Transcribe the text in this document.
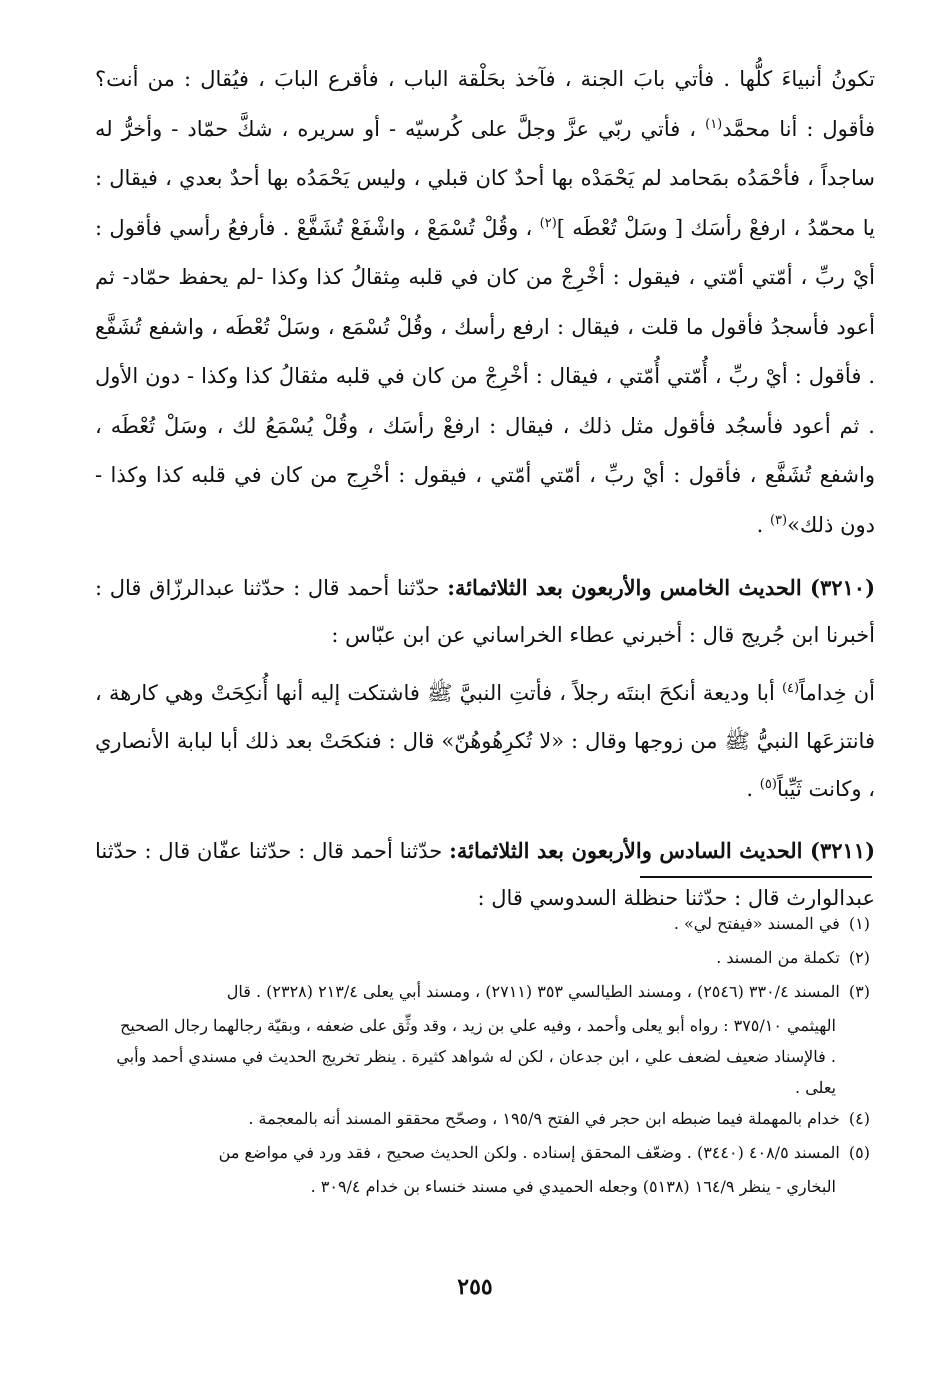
تكونُ أنبياءَ كلُّها . فأتي بابَ الجنة ، فآخذ بحَلْقة الباب ، فأقرع البابَ ، فيُقال : من أنت؟ فأقول : أنا محمَّد$^{(١)}$ ، فأتي ربّي عزَّ وجلَّ على كُرسيّه - أو سريره ، شكَّ حمّاد - وأخرُّ له ساجداً ، فأحْمَدُه بمَحامد لم يَحْمَدْه بها أحدٌ كان قبلي ، وليس يَحْمَدُه بها أحدٌ بعدي ، فيقال : يا محمّدُ ، ارفعْ رأسَك [ وسَلْ تُعْطَه ]$^{(٢)}$ ، وقُلْ تُسْمَعْ ، واشْفَعْ تُشَفَّعْ . فأرفعُ رأسي فأقول : أيْ ربِّ ، أمّتي أمّتي ، فيقول : أخْرِجْ من كان في قلبه مِثقالُ كذا وكذا -لم يحفظ حمّاد- ثم أعود فأسجدُ فأقول ما قلت ، فيقال : ارفع رأسك ، وقُلْ تُسْمَع ، وسَلْ تُعْطَه ، واشفع تُشَفَّع . فأقول : أيْ ربِّ ، أُمّتي أُمّتي ، فيقال : أخْرِجْ من كان في قلبه مثقالُ كذا وكذا - دون الأول . ثم أعود فأسجُد فأقول مثل ذلك ، فيقال : ارفعْ رأسَك ، وقُلْ يُسْمَعُ لك ، وسَلْ تُعْطَه ، واشفع تُشَفَّع ، فأقول : أيْ ربِّ ، أمّتي أمّتي ، فيقول : أخْرِج من كان في قلبه كذا وكذا - دون ذلك»$^{(٣)}$ .

(٣٢١٠) الحديث الخامس والأربعون بعد الثلاثمائة: حدّثنا أحمد قال : حدّثنا عبدالرزّاق قال : أخبرنا ابن جُريج قال : أخبرني عطاء الخراساني عن ابن عبّاس :

أن خِداماً$^{(٤)}$ أبا وديعة أنكحَ ابنتَه رجلاً ، فأتتِ النبيَّ ﷺ فاشتكت إليه أنها أُنكِحَتْ وهي كارهة ، فانتزعَها النبيُّ ﷺ من زوجها وقال : «لا تُكرِهُوهُنّ» قال : فنكحَتْ بعد ذلك أبا لبابة الأنصاري ، وكانت ثَيِّباً$^{(٥)}$ .

(٣٢١١) الحديث السادس والأربعون بعد الثلاثمائة: حدّثنا أحمد قال : حدّثنا عفّان قال : حدّثنا عبدالوارث قال : حدّثنا حنظلة السدوسي قال :

(١) في المسند «فيفتح لي» .

(٢) تكملة من المسند .

(٣) المسند ٣٣٠/٤ (٢٥٤٦) ، ومسند الطيالسي ٣٥٣ (٢٧١١) ، ومسند أبي يعلى ٢١٣/٤ (٢٣٢٨) . قال

الهيثمي ٣٧٥/١٠ : رواه أبو يعلى وأحمد ، وفيه علي بن زيد ، وقد وثِّق على ضعفه ، وبقيّة رجالهما رجال الصحيح . فالإسناد ضعيف لضعف علي ، ابن جدعان ، لكن له شواهد كثيرة . ينظر تخريج الحديث في مسندي أحمد وأبي يعلى .

(٤) خدام بالمهملة فيما ضبطه ابن حجر في الفتح ١٩٥/٩ ، وصحّح محققو المسند أنه بالمعجمة .

(٥) المسند ٤٠٨/٥ (٣٤٤٠) . وضعّف المحقق إسناده . ولكن الحديث صحيح ، فقد ورد في مواضع من

البخاري - ينظر ١٦٤/٩ (٥١٣٨) وجعله الحميدي في مسند خنساء بن خدام ٣٠٩/٤ .

٢٥٥
